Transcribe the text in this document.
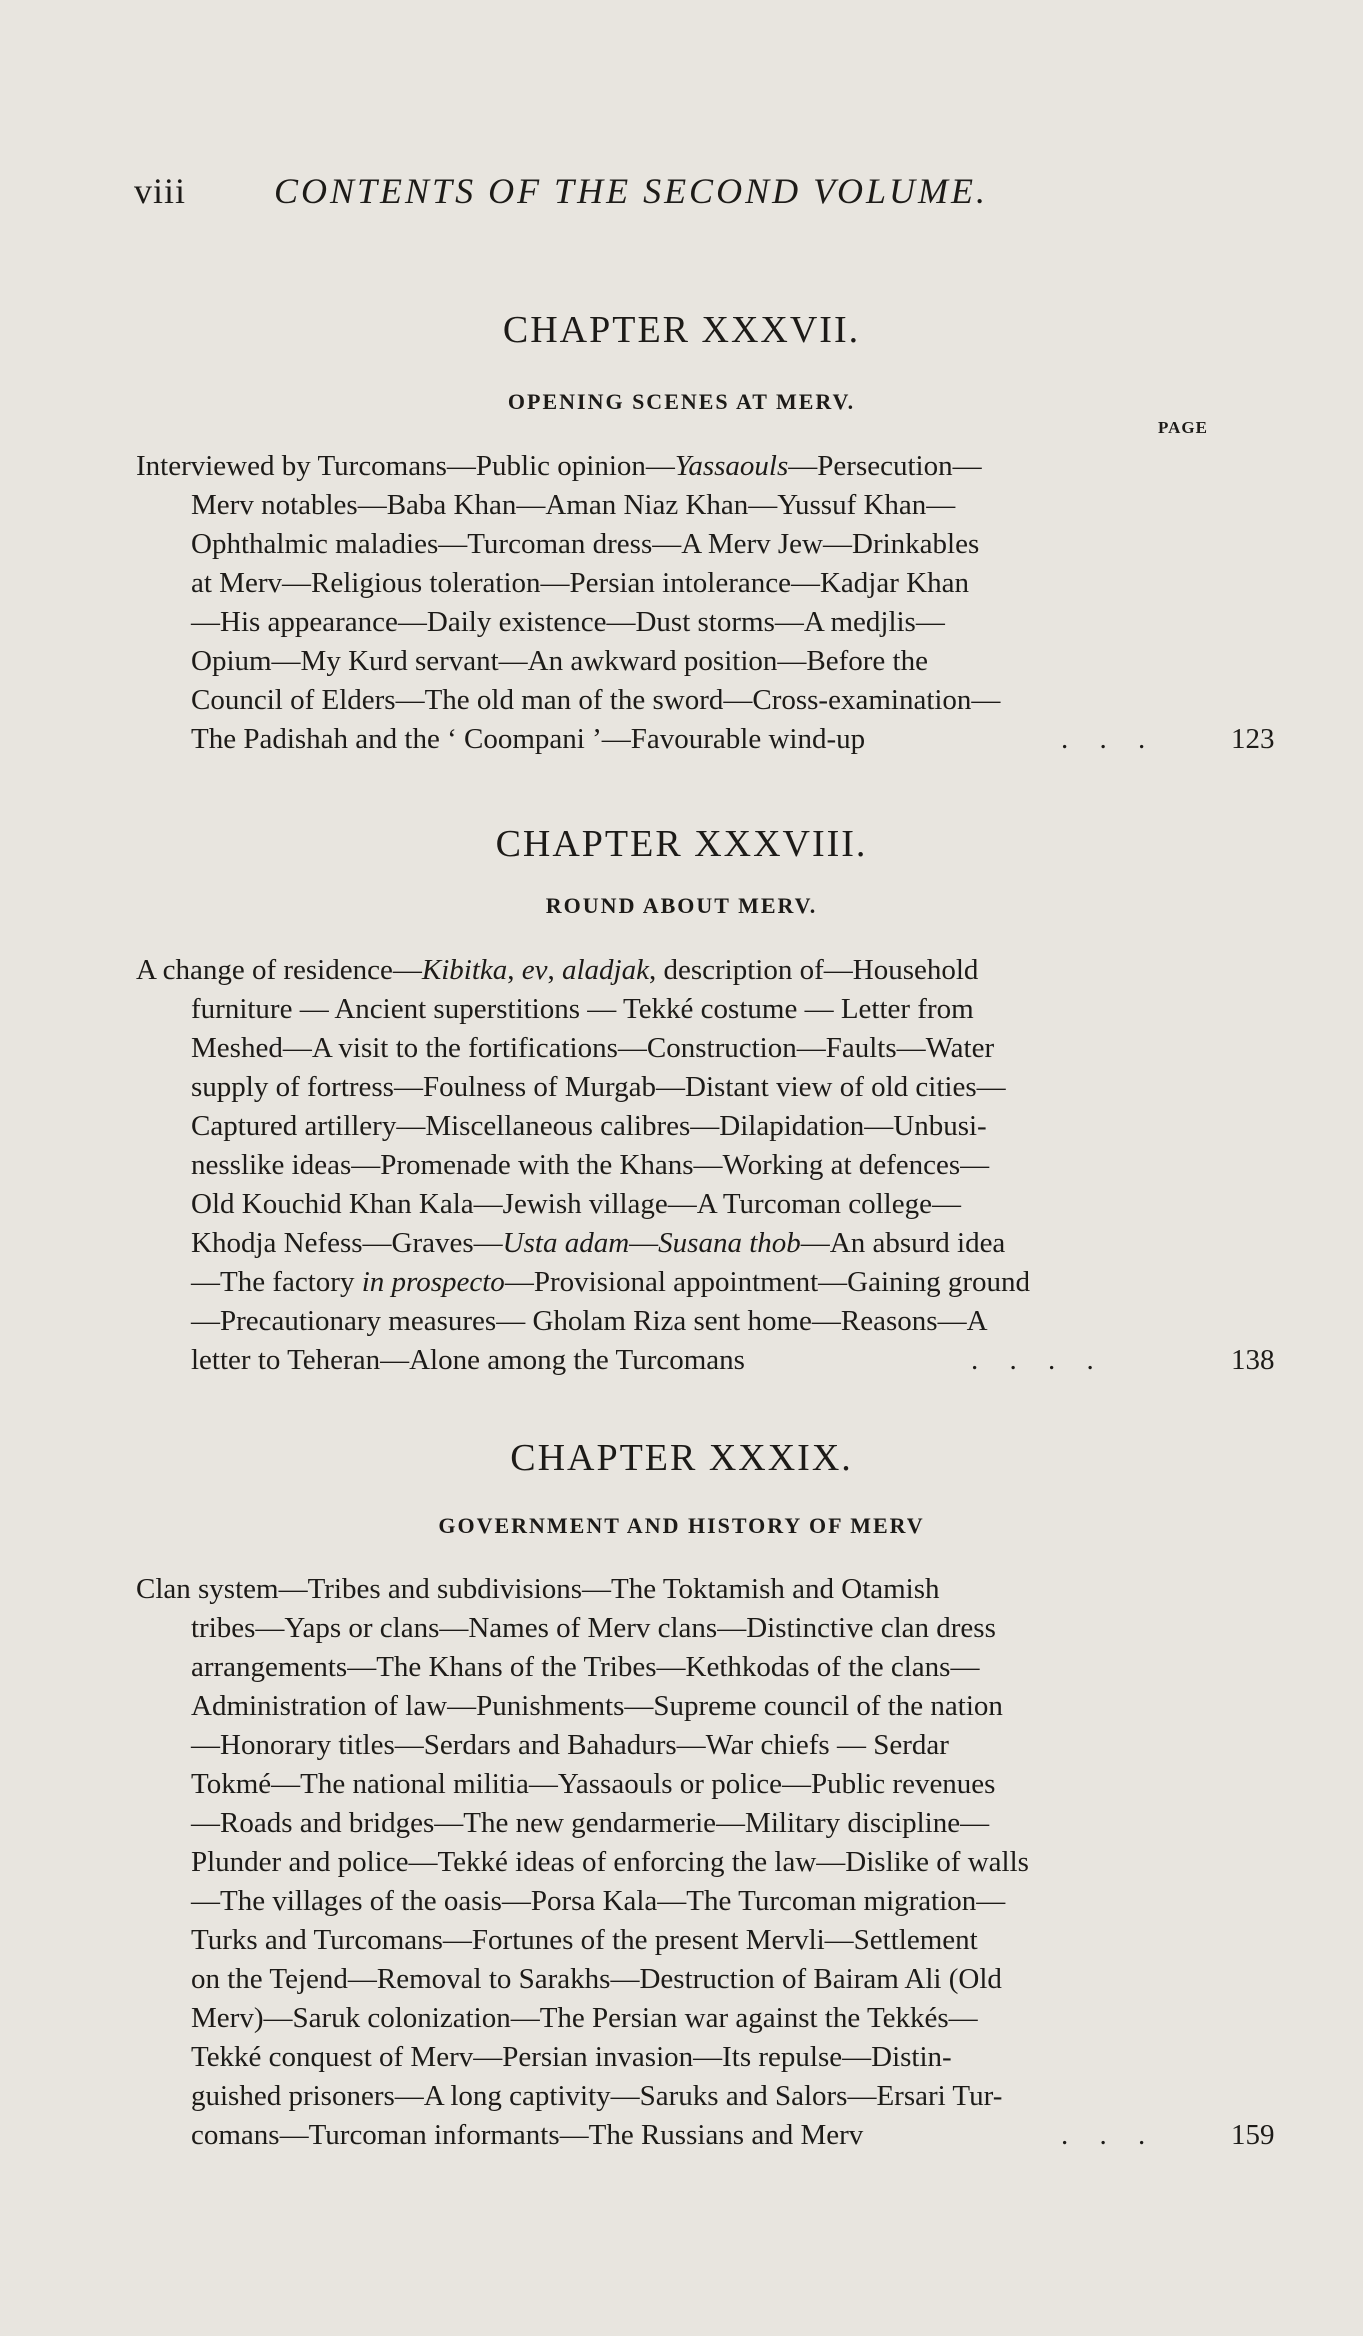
viii CONTENTS OF THE SECOND VOLUME.
CHAPTER XXXVII.
OPENING SCENES AT MERV.
PAGE
Interviewed by Turcomans—Public opinion—Yassaouls—Persecution—
Merv notables—Baba Khan—Aman Niaz Khan—Yussuf Khan—
Ophthalmic maladies—Turcoman dress—A Merv Jew—Drinkables
at Merv—Religious toleration—Persian intolerance—Kadjar Khan
—His appearance—Daily existence—Dust storms—A medjlis—
Opium—My Kurd servant—An awkward position—Before the
Council of Elders—The old man of the sword—Cross-examination—
The Padishah and the ‘ Coompani ’—Favourable wind-up	. . .	123
CHAPTER XXXVIII.
ROUND ABOUT MERV.
A change of residence—Kibitka, ev, aladjak, description of—Household
furniture — Ancient superstitions — Tekké costume — Letter from
Meshed—A visit to the fortifications—Construction—Faults—Water
supply of fortress—Foulness of Murgab—Distant view of old cities—
Captured artillery—Miscellaneous calibres—Dilapidation—Unbusi-
nesslike ideas—Promenade with the Khans—Working at defences—
Old Kouchid Khan Kala—Jewish village—A Turcoman college—
Khodja Nefess—Graves—Usta adam—Susana thob—An absurd idea
—The factory in prospecto—Provisional appointment—Gaining ground
—Precautionary measures— Gholam Riza sent home—Reasons—A
letter to Teheran—Alone among the Turcomans	. . . .	138
CHAPTER XXXIX.
GOVERNMENT AND HISTORY OF MERV
Clan system—Tribes and subdivisions—The Toktamish and Otamish
tribes—Yaps or clans—Names of Merv clans—Distinctive clan dress
arrangements—The Khans of the Tribes—Kethkodas of the clans—
Administration of law—Punishments—Supreme council of the nation
—Honorary titles—Serdars and Bahadurs—War chiefs — Serdar
Tokmé—The national militia—Yassaouls or police—Public revenues
—Roads and bridges—The new gendarmerie—Military discipline—
Plunder and police—Tekké ideas of enforcing the law—Dislike of walls
—The villages of the oasis—Porsa Kala—The Turcoman migration—
Turks and Turcomans—Fortunes of the present Mervli—Settlement
on the Tejend—Removal to Sarakhs—Destruction of Bairam Ali (Old
Merv)—Saruk colonization—The Persian war against the Tekkés—
Tekké conquest of Merv—Persian invasion—Its repulse—Distin-
guished prisoners—A long captivity—Saruks and Salors—Ersari Tur-
comans—Turcoman informants—The Russians and Merv	. . .	159
